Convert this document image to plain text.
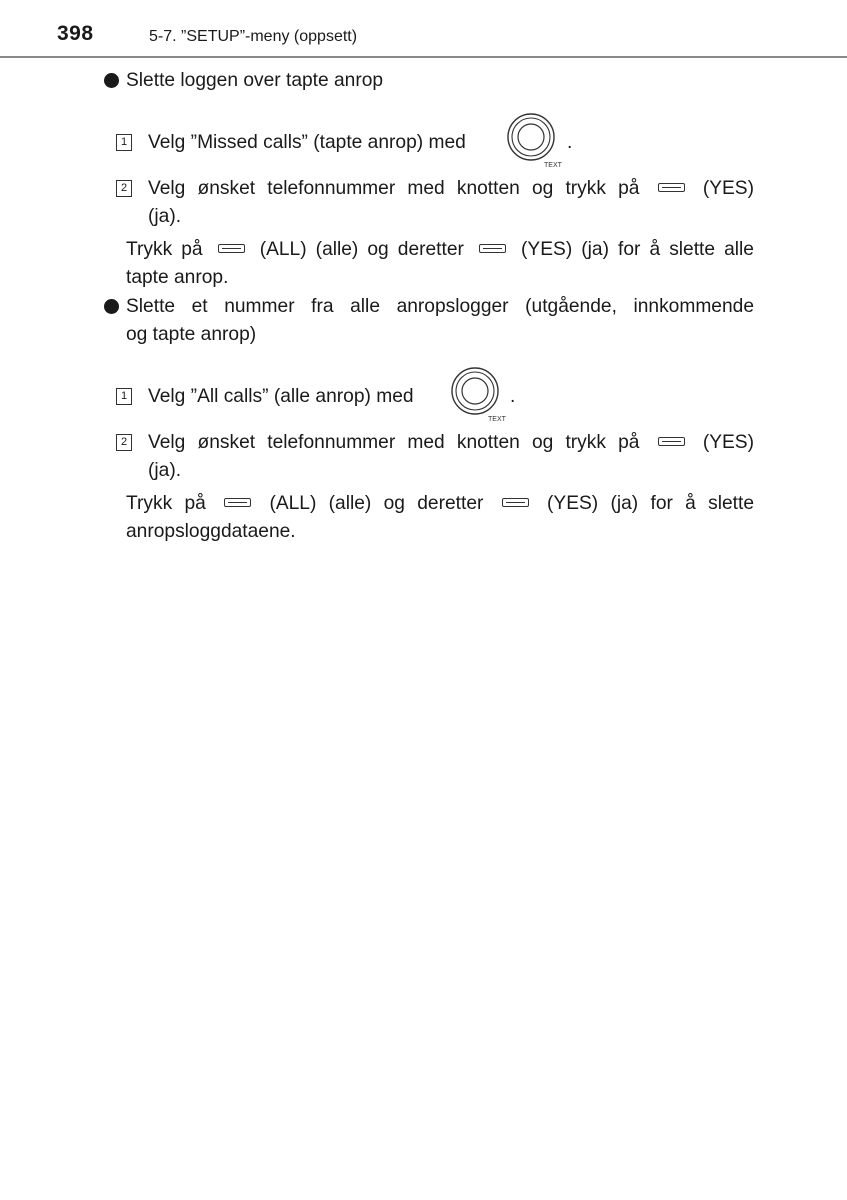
398	5-7. ”SETUP”-meny (oppsett)
Slette loggen over tapte anrop
1 Velg ”Missed calls” (tapte anrop) med
TEXT
.
2 Velg ønsket telefonnummer med knotten og trykk på	(YES)
(ja).
Trykk på	(ALL) (alle) og deretter	(YES) (ja) for å slette alle
tapte anrop.
Slette et nummer fra alle anropslogger (utgående, innkommende
og tapte anrop)
1 Velg ”All calls” (alle anrop) med
TEXT
.
2 Velg ønsket telefonnummer med knotten og trykk på	(YES)
(ja).
Trykk på	(ALL) (alle) og deretter	(YES) (ja) for å slette
anropsloggdataene.
